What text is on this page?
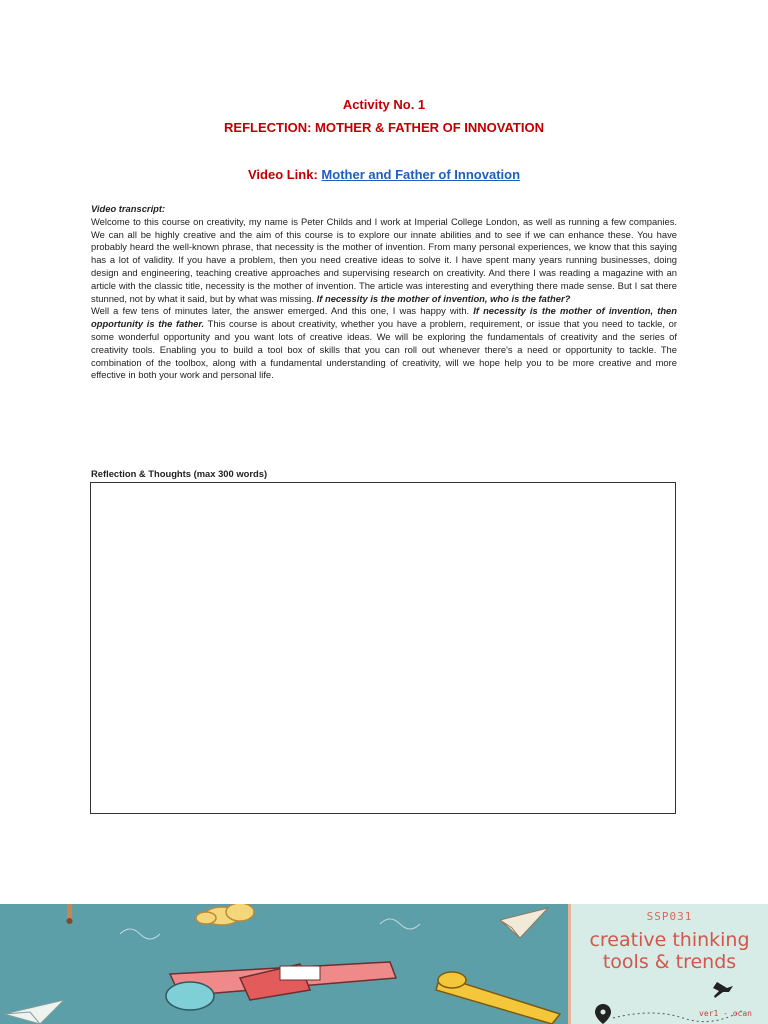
Activity No. 1
REFLECTION: MOTHER & FATHER OF INNOVATION
Video Link: Mother and Father of Innovation
Video transcript:

Welcome to this course on creativity, my name is Peter Childs and I work at Imperial College London, as well as running a few companies. We can all be highly creative and the aim of this course is to explore our innate abilities and to see if we can enhance these. You have probably heard the well-known phrase, that necessity is the mother of invention. From many personal experiences, we know that this saying has a lot of validity. If you have a problem, then you need creative ideas to solve it. I have spent many years running businesses, doing design and engineering, teaching creative approaches and supervising research on creativity. And there I was reading a magazine with an article with the classic title, necessity is the mother of invention. The article was interesting and everything there made sense. But I sat there stunned, not by what it said, but by what was missing. If necessity is the mother of invention, who is the father?

Well a few tens of minutes later, the answer emerged. And this one, I was happy with. If necessity is the mother of invention, then opportunity is the father. This course is about creativity, whether you have a problem, requirement, or issue that you need to tackle, or some wonderful opportunity and you want lots of creative ideas. We will be exploring the fundamentals of creativity and the series of creativity tools. Enabling you to build a tool box of skills that you can roll out whenever there's a need or opportunity to tackle. The combination of the toolbox, along with a fundamental understanding of creativity, will we hope help you to be more creative and more effective in both your work and personal life.

Reflection & Thoughts (max 300 words)
SSP031
creative thinking
tools & trends
ver1 - ocan
